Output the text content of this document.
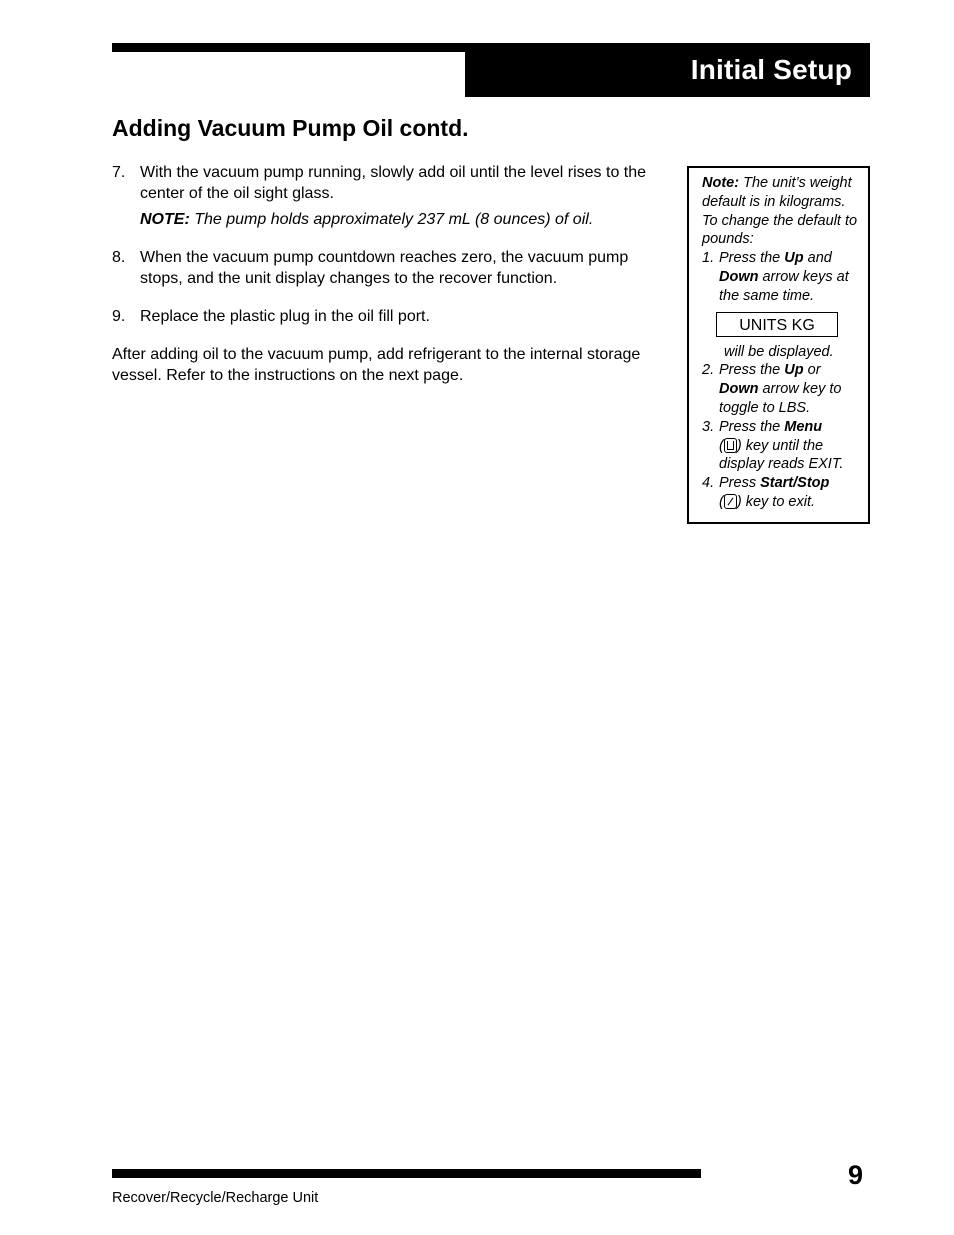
Initial Setup
Adding Vacuum Pump Oil contd.
7. With the vacuum pump running, slowly add oil until the level rises to the center of the oil sight glass.
NOTE: The pump holds approximately 237 mL (8 ounces) of oil.
8. When the vacuum pump countdown reaches zero, the vacuum pump stops, and the unit display changes to the recover function.
9. Replace the plastic plug in the oil fill port.

After adding oil to the vacuum pump, add refrigerant to the internal storage vessel. Refer to the instructions on the next page.

Note: The unit’s weight default is in kilograms. To change the default to pounds:
1. Press the Up and Down arrow keys at the same time.
UNITS KG
will be displayed.
2. Press the Up or Down arrow key to toggle to LBS.
3. Press the Menu
( ) key until the display reads EXIT.
4. Press Start/Stop
( ) key to exit.
9
Recover/Recycle/Recharge Unit
